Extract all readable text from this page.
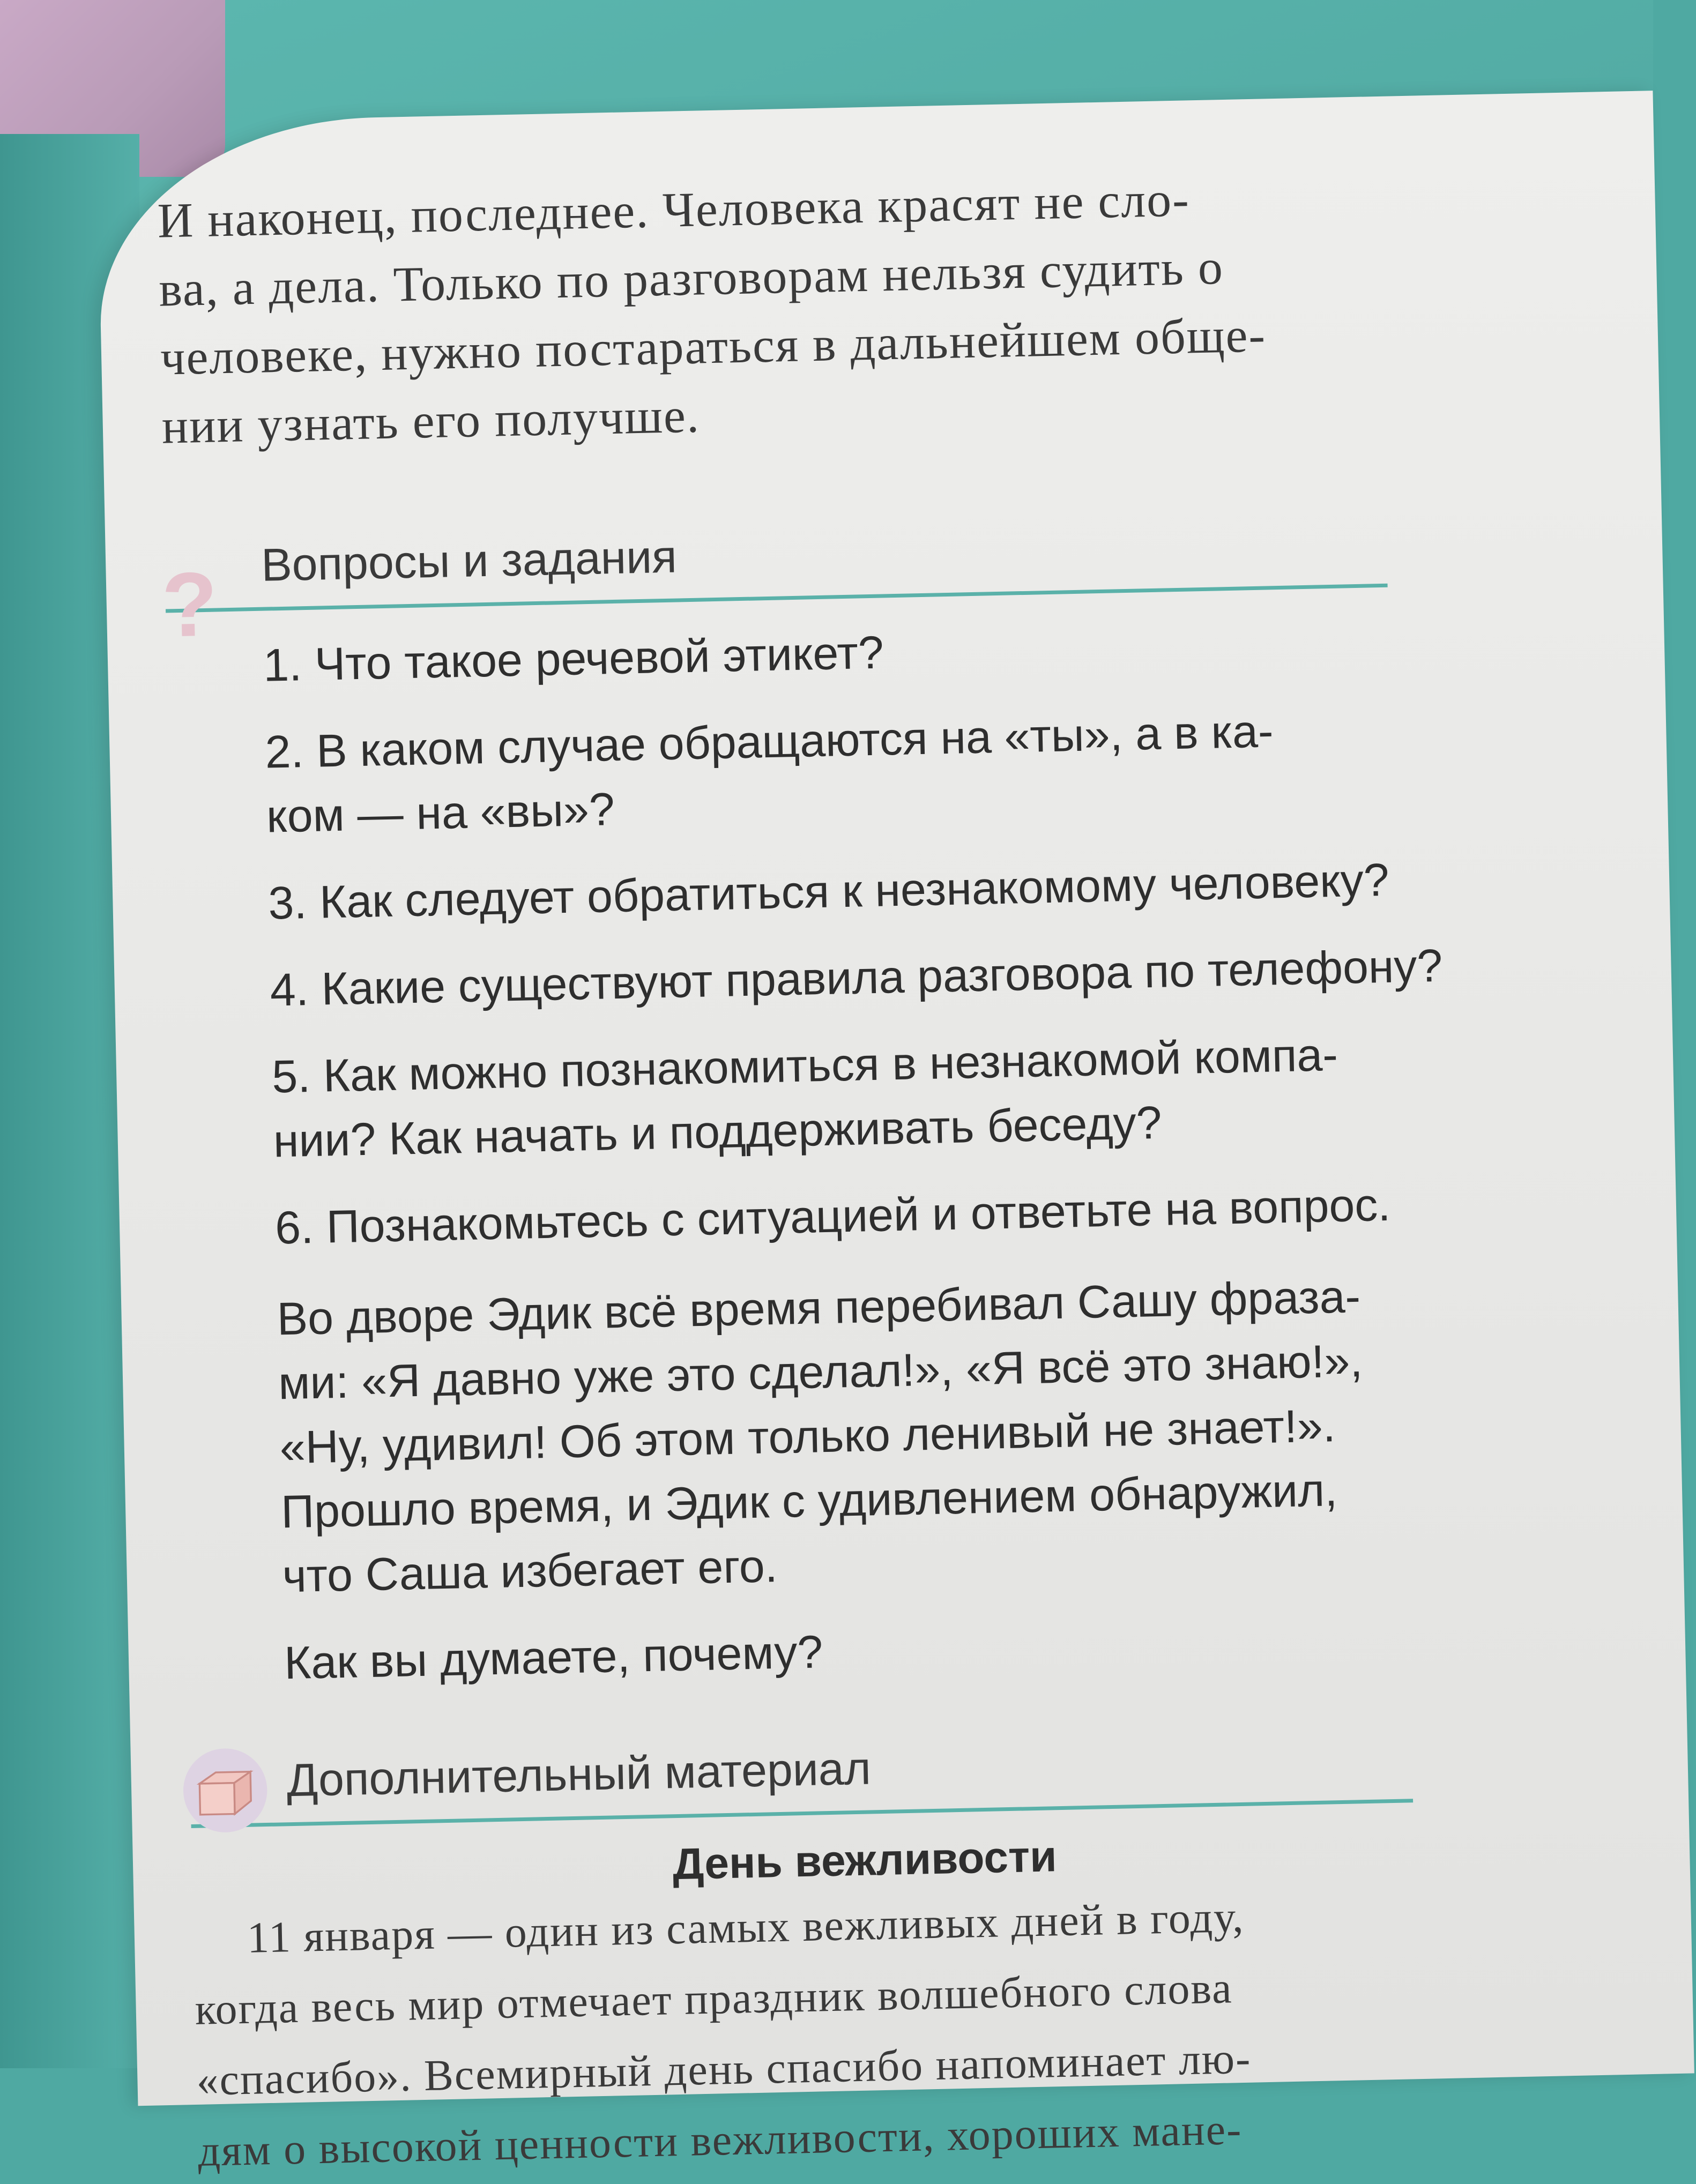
И наконец, последнее. Человека красят не сло-

ва, а дела. Только по разговорам нельзя судить о

человеке, нужно постараться в дальнейшем обще-

нии узнать его получше.

Вопросы и задания
?
1. Что такое речевой этикет?
2. В каком случае обращаются на «ты», а в ка-
ком — на «вы»?
3. Как следует обратиться к незнакомому человеку?
4. Какие существуют правила разговора по телефону?
5. Как можно познакомиться в незнакомой компа-
нии? Как начать и поддерживать беседу?
6. Познакомьтесь с ситуацией и ответьте на вопрос.
Во дворе Эдик всё время перебивал Сашу фраза-
ми: «Я давно уже это сделал!», «Я всё это знаю!»,
«Ну, удивил! Об этом только ленивый не знает!».
Прошло время, и Эдик с удивлением обнаружил,
что Саша избегает его.
Как вы думаете, почему?
Дополнительный материал
День вежливости
11 января — один из самых вежливых дней в году,
когда весь мир отмечает праздник волшебного слова
«спасибо». Всемирный день спасибо напоминает лю-
дям о высокой ценности вежливости, хороших мане-
